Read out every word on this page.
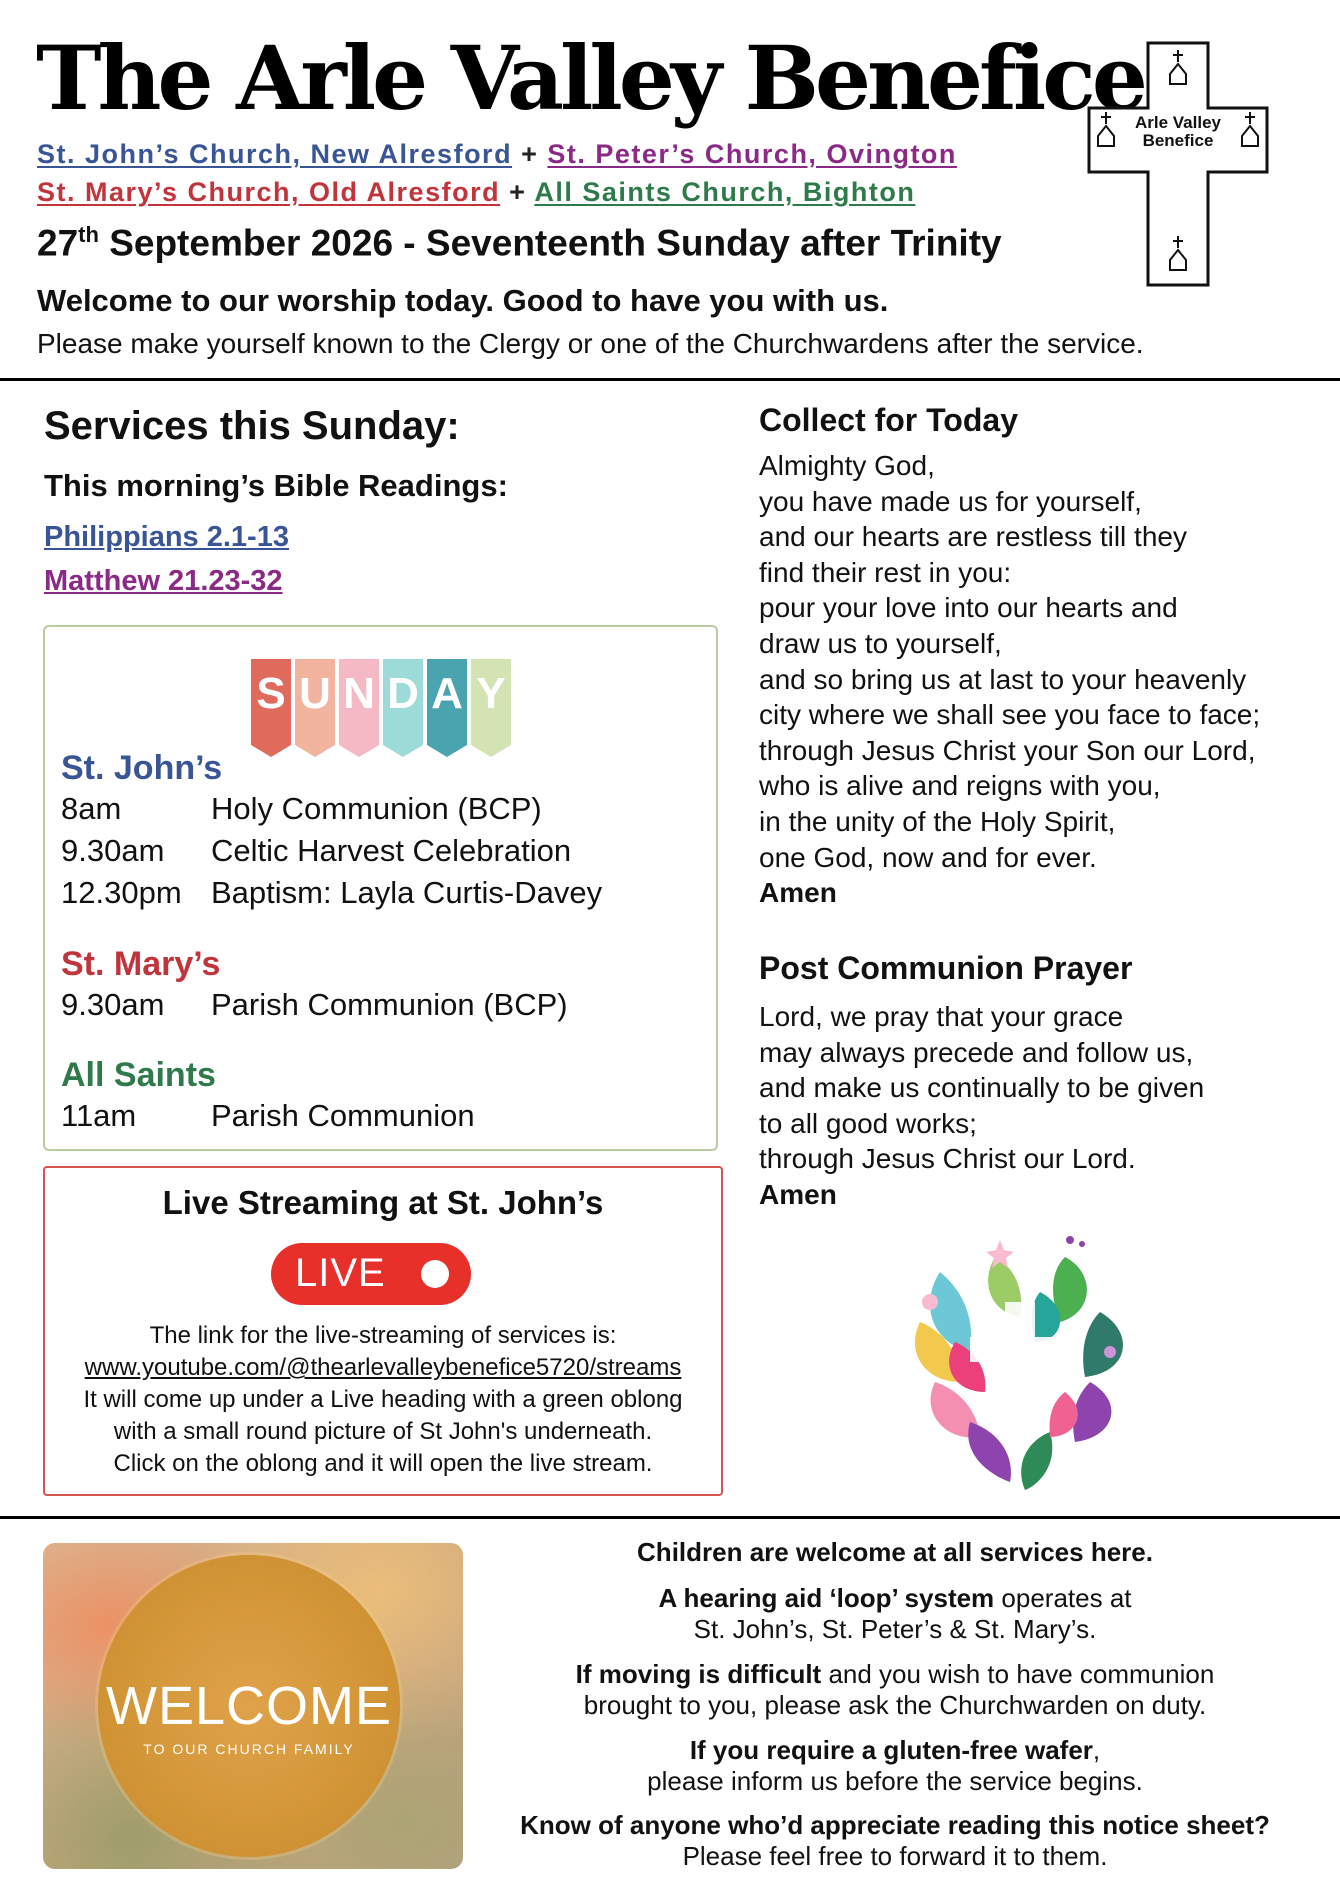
The Arle Valley Benefice
St. John’s Church, New Alresford + St. Peter’s Church, Ovington
St. Mary’s Church, Old Alresford + All Saints Church, Bighton
27th September 2026 - Seventeenth Sunday after Trinity
Welcome to our worship today. Good to have you with us.
Please make yourself known to the Clergy or one of the Churchwardens after the service.
Arle Valley
Benefice
Services this Sunday:
This morning’s Bible Readings:
Philippians 2.1-13
Matthew 21.23-32
S U N D A Y
St. John’s
8am	Holy Communion (BCP)
9.30am Celtic Harvest Celebration
12.30pm Baptism: Layla Curtis-Davey
St. Mary’s
9.30am Parish Communion (BCP)
All Saints
11am Parish Communion
Live Streaming at St. John’s
LIVE
The link for the live-streaming of services is:
www.youtube.com/@thearlevalleybenefice5720/streams
It will come up under a Live heading with a green oblong
with a small round picture of St John's underneath.
Click on the oblong and it will open the live stream.
Collect for Today
Almighty God,
you have made us for yourself,
and our hearts are restless till they
find their rest in you:
pour your love into our hearts and
draw us to yourself,
and so bring us at last to your heavenly
city where we shall see you face to face;
through Jesus Christ your Son our Lord,
who is alive and reigns with you,
in the unity of the Holy Spirit,
one God, now and for ever.
Amen
Post Communion Prayer
Lord, we pray that your grace
may always precede and follow us,
and make us continually to be given
to all good works;
through Jesus Christ our Lord.
Amen
WELCOME
TO OUR CHURCH FAMILY
Children are welcome at all services here.
A hearing aid ‘loop’ system operates at
St. John’s, St. Peter’s & St. Mary’s.
If moving is difficult and you wish to have communion
brought to you, please ask the Churchwarden on duty.
If you require a gluten-free wafer,
please inform us before the service begins.
Know of anyone who’d appreciate reading this notice sheet?
Please feel free to forward it to them.
